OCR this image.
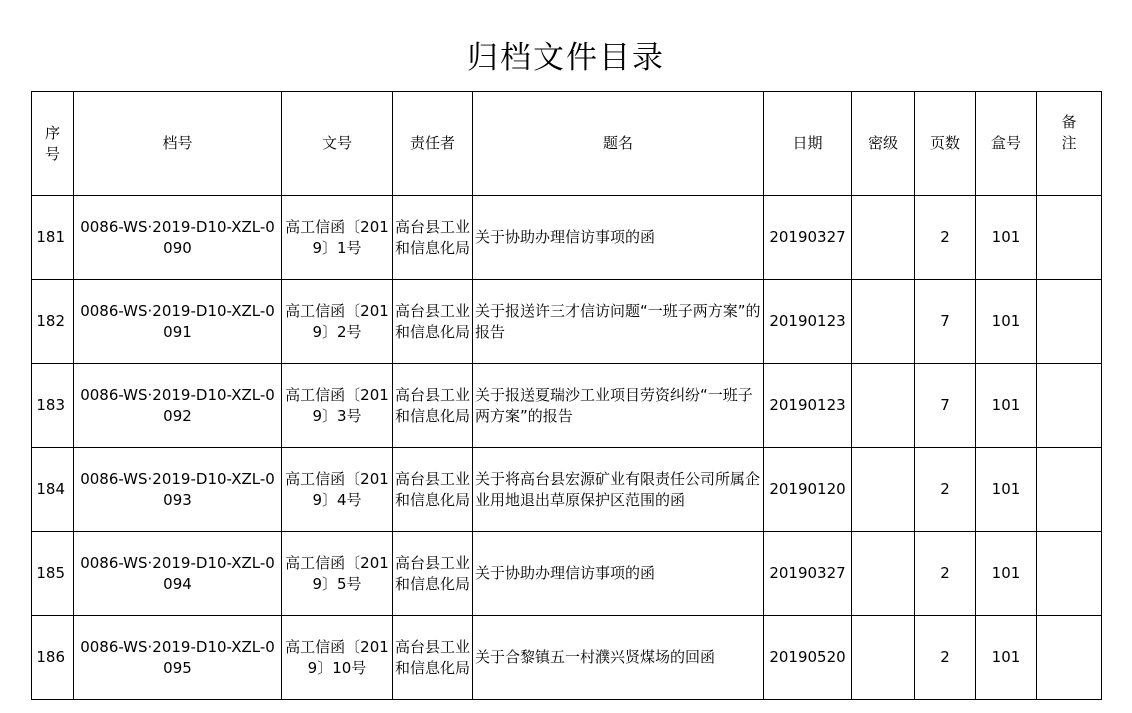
归档文件目录
序号	档号	文号	责任者	题名	日期	密级	页数	盒号	备注
181	0086-WS·2019-D10-XZL-0090	高工信函〔2019〕1号	高台县工业和信息化局	关于协助办理信访事项的函	20190327		2	101	
182	0086-WS·2019-D10-XZL-0091	高工信函〔2019〕2号	高台县工业和信息化局	关于报送许三才信访问题“一班子两方案”的报告	20190123		7	101	
183	0086-WS·2019-D10-XZL-0092	高工信函〔2019〕3号	高台县工业和信息化局	关于报送夏瑞沙工业项目劳资纠纷“一班子两方案”的报告	20190123		7	101	
184	0086-WS·2019-D10-XZL-0093	高工信函〔2019〕4号	高台县工业和信息化局	关于将高台县宏源矿业有限责任公司所属企业用地退出草原保护区范围的函	20190120		2	101	
185	0086-WS·2019-D10-XZL-0094	高工信函〔2019〕5号	高台县工业和信息化局	关于协助办理信访事项的函	20190327		2	101	
186	0086-WS·2019-D10-XZL-0095	高工信函〔2019〕10号	高台县工业和信息化局	关于合黎镇五一村濮兴贤煤场的回函	20190520		2	101	
